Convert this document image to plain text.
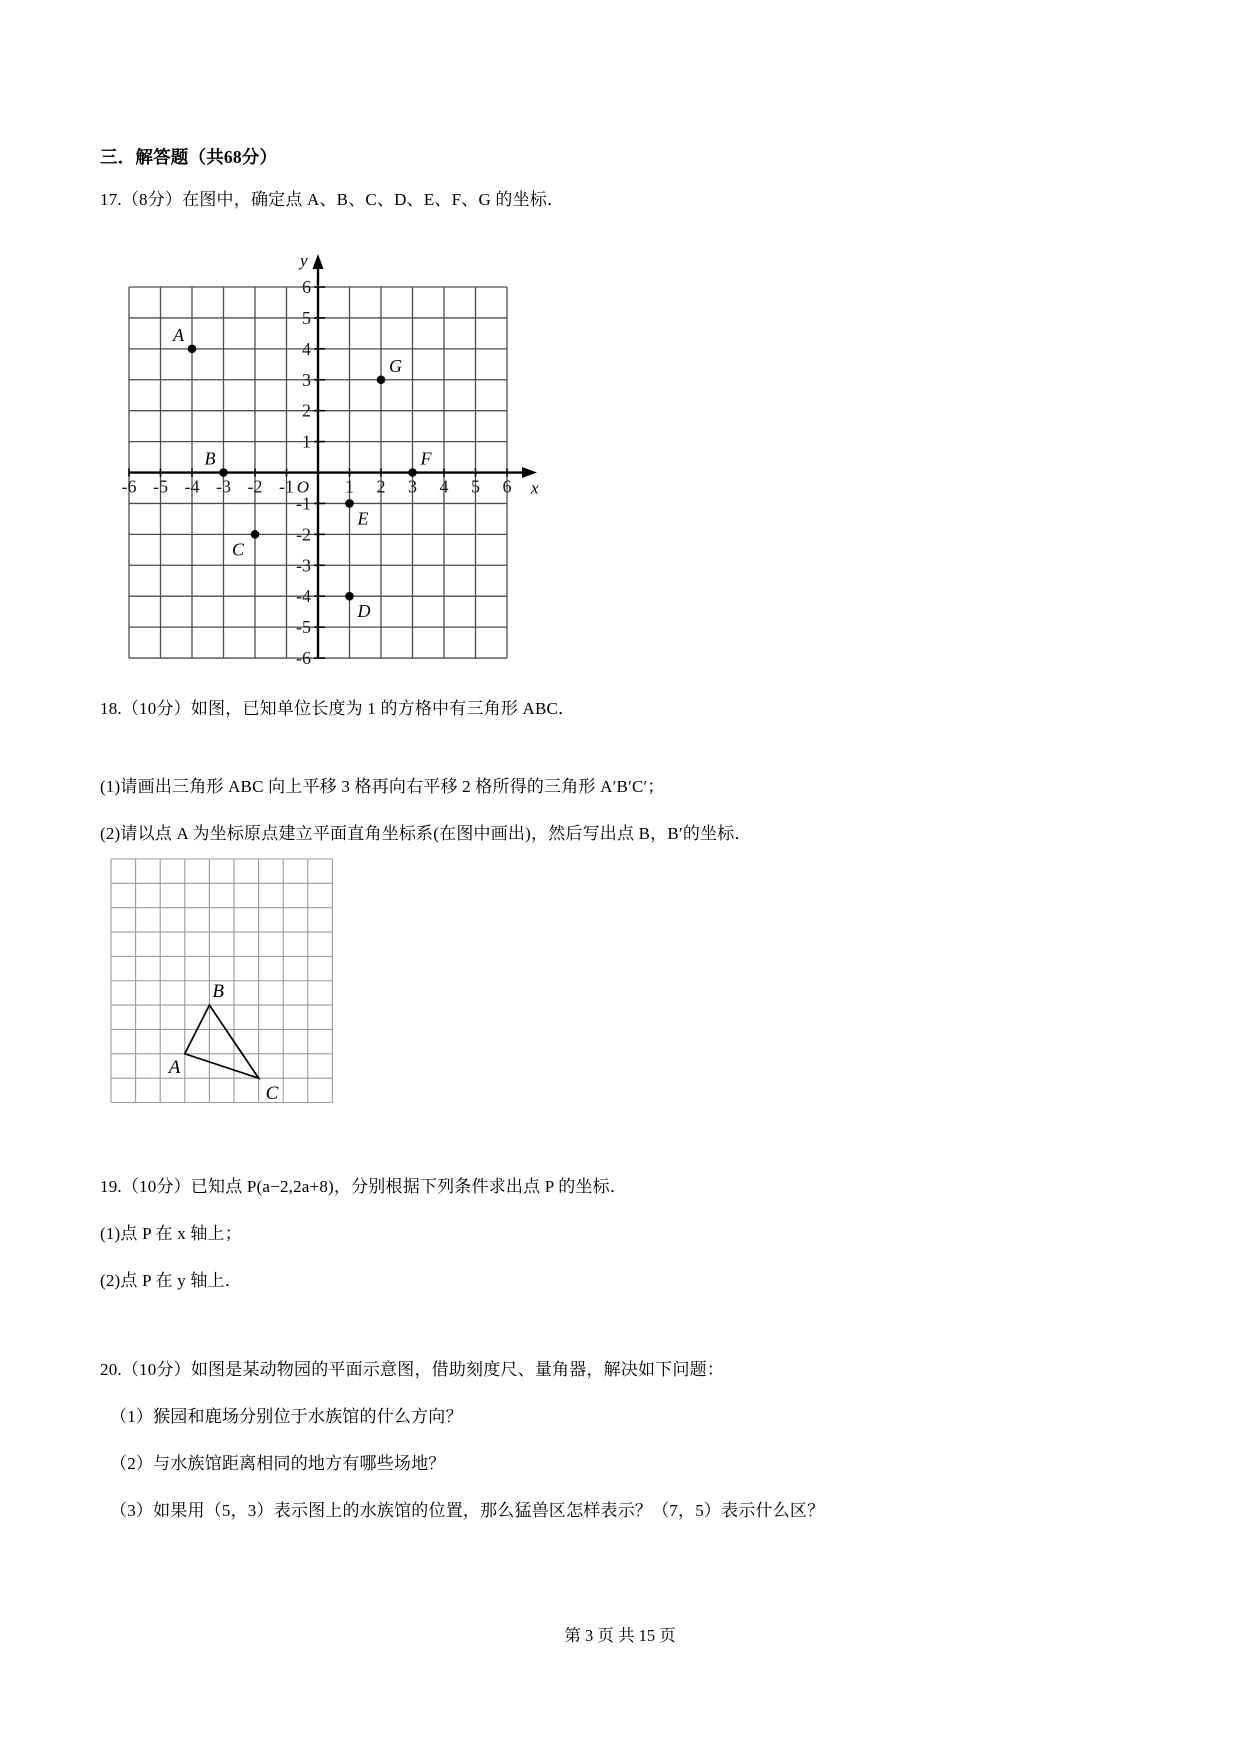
三．解答题（共68分）
17.（8分）在图中，确定点 A、B、C、D、E、F、G 的坐标．
-6 -5 -4 -3 -2 -1	1 2 3 4 5 6
-6
-5
-4
-3
-2
-1
1
2
3
4
5
6
O	x
y
A
B
C
D
E
F
G
18.（10分）如图，已知单位长度为 1 的方格中有三角形 ABC．
(1)请画出三角形 ABC 向上平移 3 格再向右平移 2 格所得的三角形 A′B′C′；
(2)请以点 A 为坐标原点建立平面直角坐标系(在图中画出)，然后写出点 B，B′的坐标．
A
B
C
19.（10分）已知点 P(a−2,2a+8)，分别根据下列条件求出点 P 的坐标．
(1)点 P 在 x 轴上；
(2)点 P 在 y 轴上．
20.（10分）如图是某动物园的平面示意图，借助刻度尺、量角器，解决如下问题：
（1）猴园和鹿场分别位于水族馆的什么方向？
（2）与水族馆距离相同的地方有哪些场地？
（3）如果用（5，3）表示图上的水族馆的位置，那么猛兽区怎样表示？（7，5）表示什么区？
第 3 页 共 15 页
